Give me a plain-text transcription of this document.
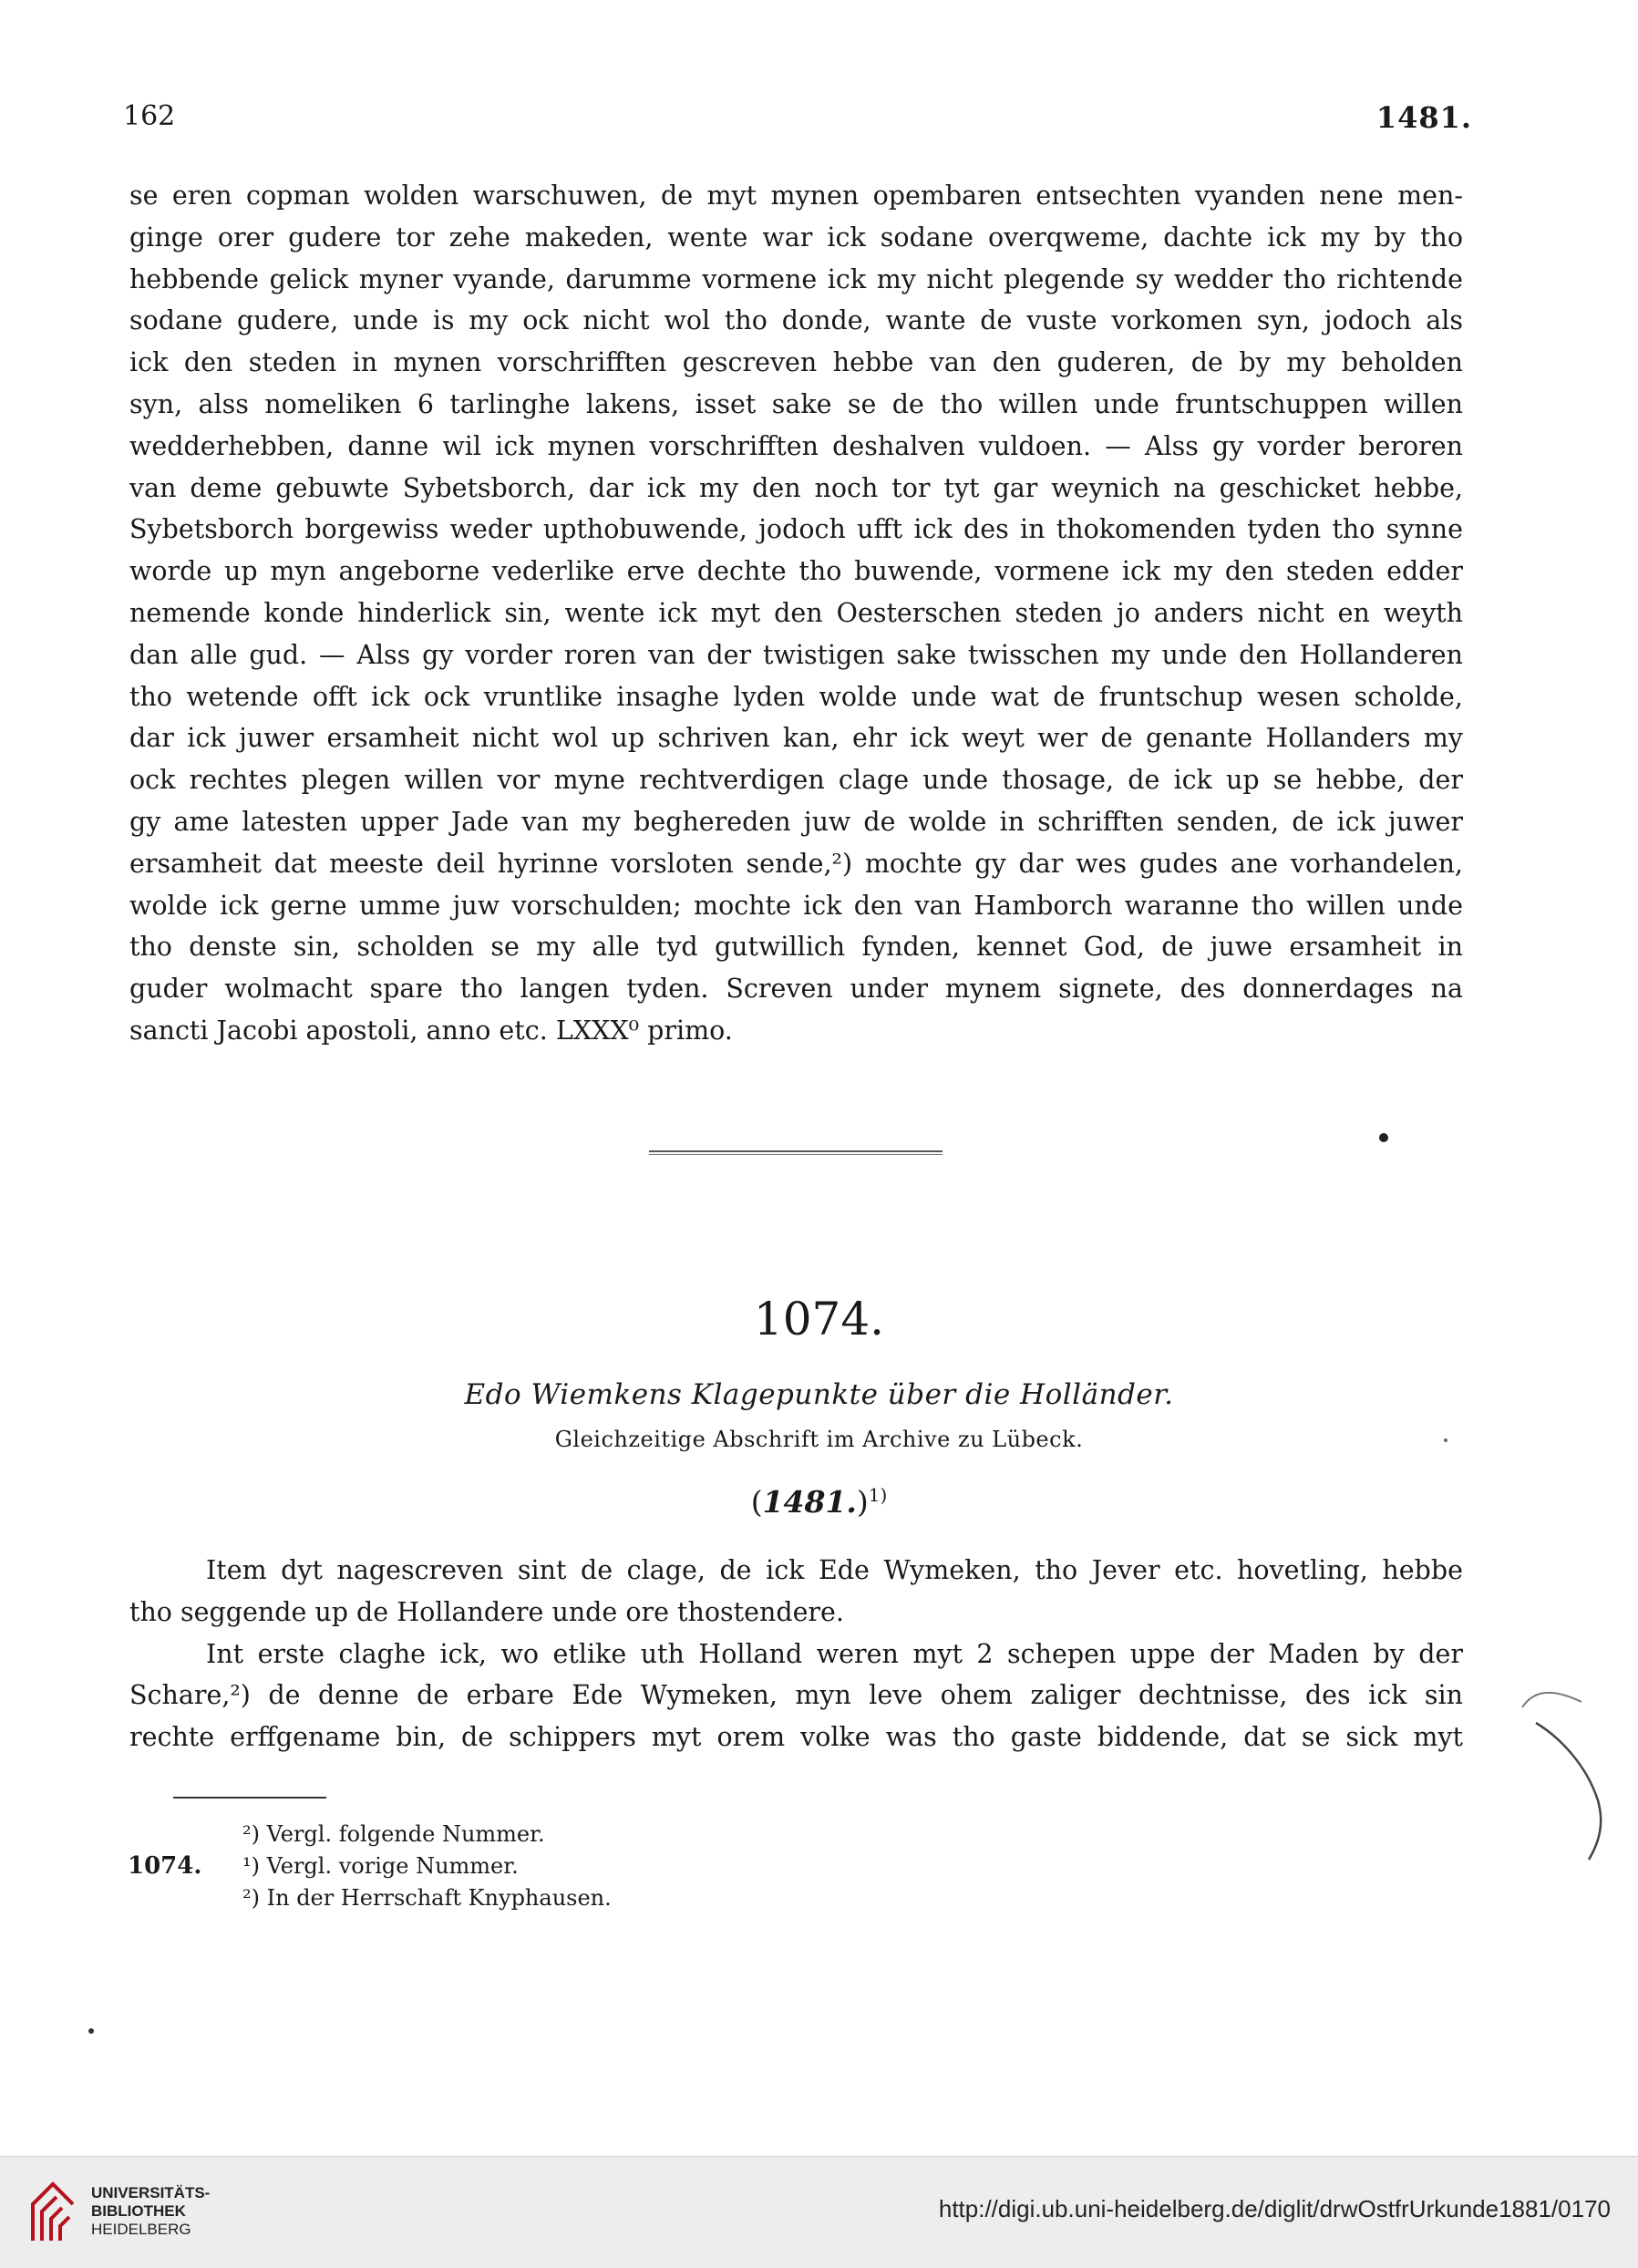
162	1481.
se eren copman wolden warschuwen, de myt mynen opembaren entsechten vyanden nene men-
ginge orer gudere tor zehe makeden, wente war ick sodane overqweme, dachte ick my by tho
hebbende gelick myner vyande, darumme vormene ick my nicht plegende sy wedder tho richtende
sodane gudere, unde is my ock nicht wol tho donde, wante de vuste vorkomen syn, jodoch als
ick den steden in mynen vorschrifften gescreven hebbe van den guderen, de by my beholden
syn, alss nomeliken 6 tarlinghe lakens, isset sake se de tho willen unde fruntschuppen willen
wedderhebben, danne wil ick mynen vorschrifften deshalven vuldoen. — Alss gy vorder beroren
van deme gebuwte Sybetsborch, dar ick my den noch tor tyt gar weynich na geschicket hebbe,
Sybetsborch borgewiss weder upthobuwende, jodoch ufft ick des in thokomenden tyden tho synne
worde up myn angeborne vederlike erve dechte tho buwende, vormene ick my den steden edder
nemende konde hinderlick sin, wente ick myt den Oesterschen steden jo anders nicht en weyth
dan alle gud. — Alss gy vorder roren van der twistigen sake twisschen my unde den Hollanderen
tho wetende offt ick ock vruntlike insaghe lyden wolde unde wat de fruntschup wesen scholde,
dar ick juwer ersamheit nicht wol up schriven kan, ehr ick weyt wer de genante Hollanders my
ock rechtes plegen willen vor myne rechtverdigen clage unde thosage, de ick up se hebbe, der
gy ame latesten upper Jade van my beghereden juw de wolde in schrifften senden, de ick juwer
ersamheit dat meeste deil hyrinne vorsloten sende,²) mochte gy dar wes gudes ane vorhandelen,
wolde ick gerne umme juw vorschulden; mochte ick den van Hamborch waranne tho willen unde
tho denste sin, scholden se my alle tyd gutwillich fynden, kennet God, de juwe ersamheit in
guder wolmacht spare tho langen tyden. Screven under mynem signete, des donnerdages na
sancti Jacobi apostoli, anno etc. LXXX⁰ primo.
1074.
Edo Wiemkens Klagepunkte über die Holländer.
Gleichzeitige Abschrift im Archive zu Lübeck.
$(1481.)^{1)}$
Item dyt nagescreven sint de clage, de ick Ede Wymeken, tho Jever etc. hovetling, hebbe
tho seggende up de Hollandere unde ore thostendere.
Int erste claghe ick, wo etlike uth Holland weren myt 2 schepen uppe der Maden by der
Schare,²) de denne de erbare Ede Wymeken, myn leve ohem zaliger dechtnisse, des ick sin
rechte erffgename bin, de schippers myt orem volke was tho gaste biddende, dat se sick myt
²) Vergl. folgende Nummer.
1074.	¹) Vergl. vorige Nummer.
²) In der Herrschaft Knyphausen.
UNIVERSITÄTS-
BIBLIOTHEK
HEIDELBERG
http://digi.ub.uni-heidelberg.de/diglit/drwOstfrUrkunde1881/0170
